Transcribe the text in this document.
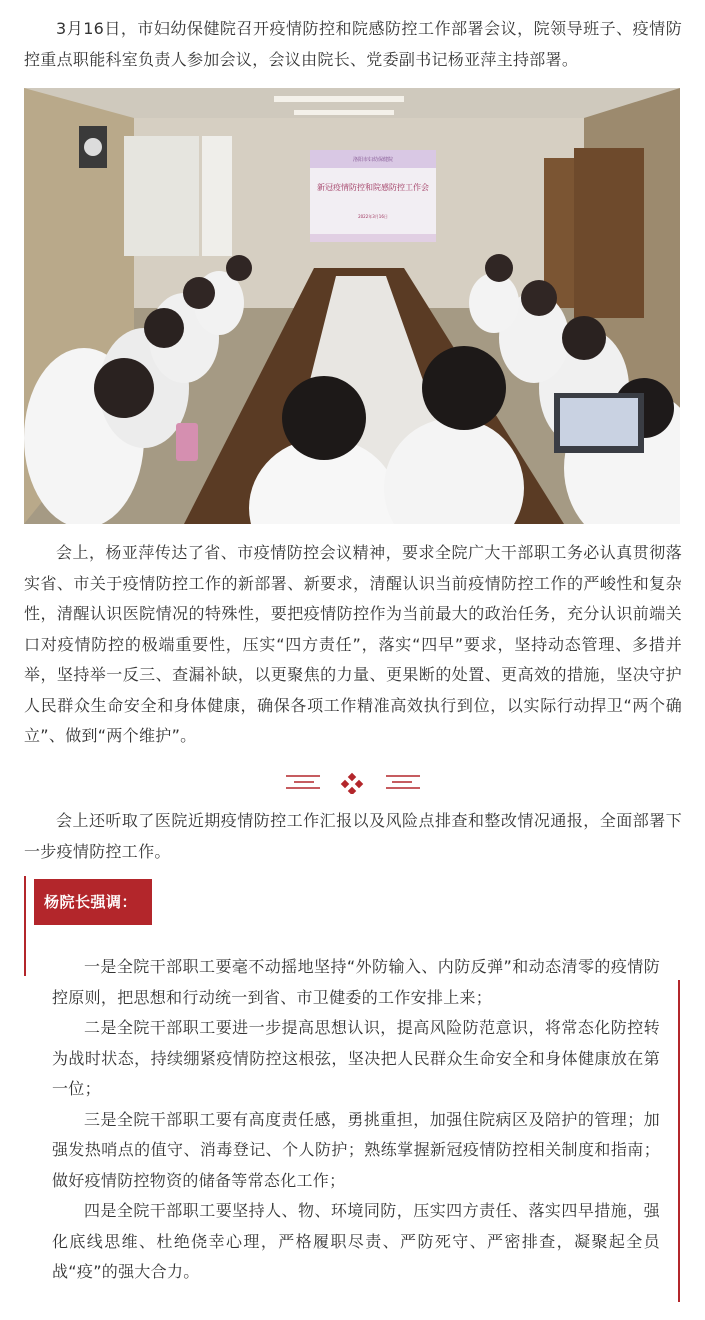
3月16日，市妇幼保健院召开疫情防控和院感防控工作部署会议，院领导班子、疫情防控重点职能科室负责人参加会议，会议由院长、党委副书记杨亚萍主持部署。

洛阳市妇幼保健院
新冠疫情防控和院感防控工作会
2022年3月16日

会上，杨亚萍传达了省、市疫情防控会议精神，要求全院广大干部职工务必认真贯彻落实省、市关于疫情防控工作的新部署、新要求，清醒认识当前疫情防控工作的严峻性和复杂性，清醒认识医院情况的特殊性，要把疫情防控作为当前最大的政治任务，充分认识前端关口对疫情防控的极端重要性，压实“四方责任”，落实“四早”要求，坚持动态管理、多措并举，坚持举一反三、查漏补缺，以更聚焦的力量、更果断的处置、更高效的措施，坚决守护人民群众生命安全和身体健康，确保各项工作精准高效执行到位，以实际行动捍卫“两个确立”、做到“两个维护”。

会上还听取了医院近期疫情防控工作汇报以及风险点排查和整改情况通报，全面部署下一步疫情防控工作。

杨院长强调：

一是全院干部职工要毫不动摇地坚持“外防输入、内防反弹”和动态清零的疫情防控原则，把思想和行动统一到省、市卫健委的工作安排上来；

二是全院干部职工要进一步提高思想认识，提高风险防范意识，将常态化防控转为战时状态，持续绷紧疫情防控这根弦，坚决把人民群众生命安全和身体健康放在第一位；

三是全院干部职工要有高度责任感，勇挑重担，加强住院病区及陪护的管理；加强发热哨点的值守、消毒登记、个人防护；熟练掌握新冠疫情防控相关制度和指南；做好疫情防控物资的储备等常态化工作；

四是全院干部职工要坚持人、物、环境同防，压实四方责任、落实四早措施，强化底线思维、杜绝侥幸心理，严格履职尽责、严防死守、严密排查，凝聚起全员战“疫”的强大合力。
